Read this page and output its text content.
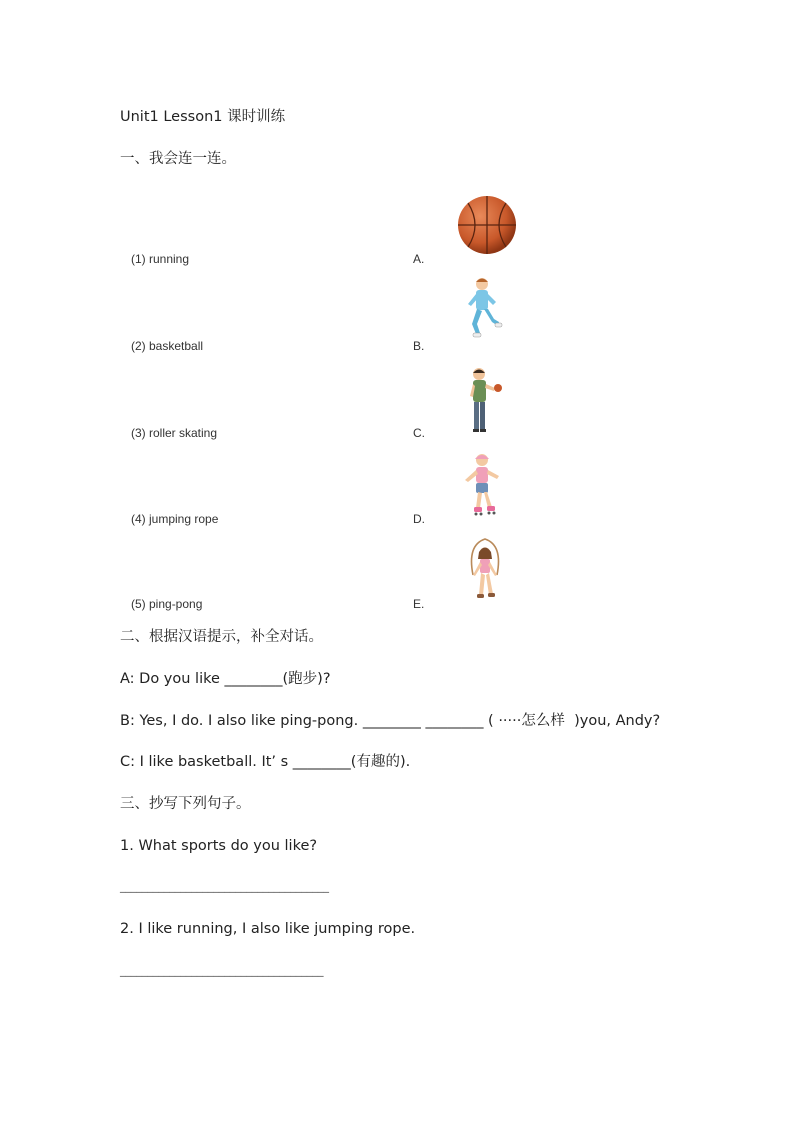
Unit1 Lesson1 课时训练
一、我会连一连。
(1) running
(2) basketball
(3) roller skating
(4) jumping rope
(5) ping-pong
A.
B.
C.
D.
E.
二、根据汉语提示，补全对话。
A: Do you like ________(跑步)?
B: Yes, I do. I also like ping-pong. ________ ________ ( ·····怎么样  )you, Andy?
C: I like basketball. It’ s ________(有趣的).
三、抄写下列句子。
1. What sports do you like?
______________________________________
2. I like running, I also like jumping rope.
_____________________________________
